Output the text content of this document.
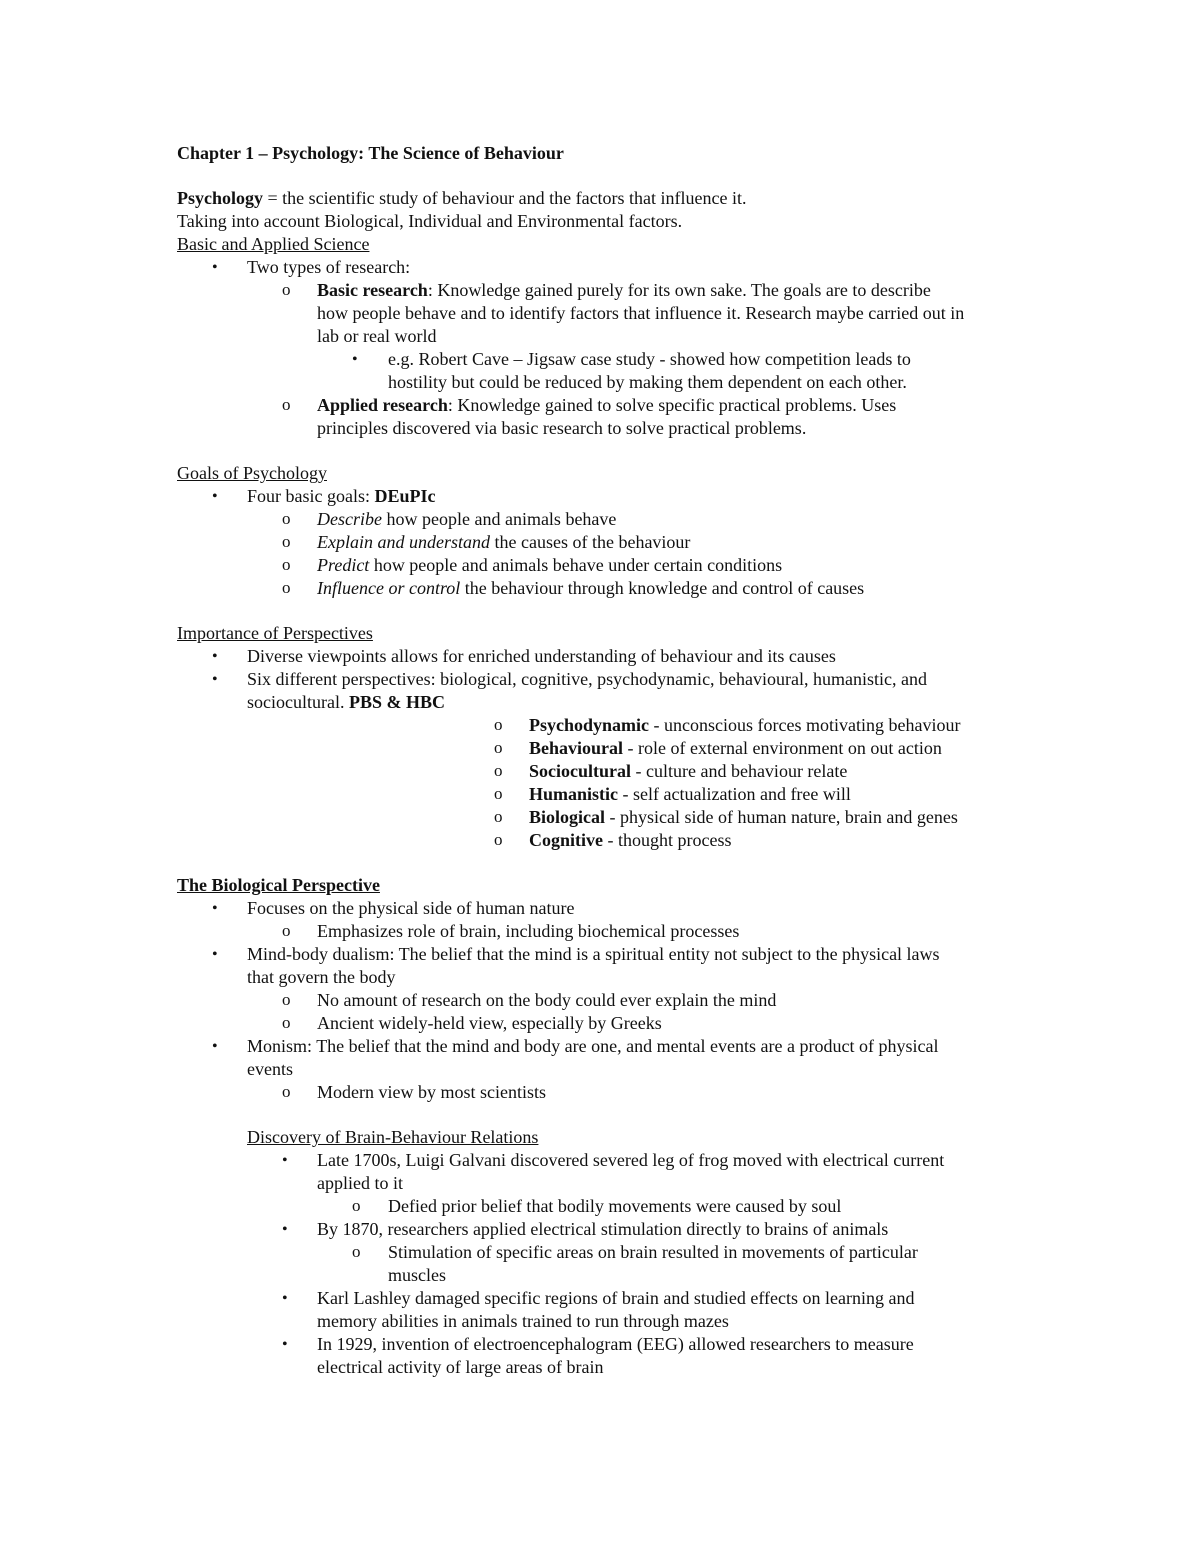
Chapter 1 – Psychology: The Science of Behaviour
Psychology = the scientific study of behaviour and the factors that influence it.
Taking into account Biological, Individual and Environmental factors.
Basic and Applied Science
• Two types of research:
o Basic research: Knowledge gained purely for its own sake. The goals are to describe
how people behave and to identify factors that influence it. Research maybe carried out in
lab or real world
• e.g. Robert Cave – Jigsaw case study - showed how competition leads to
hostility but could be reduced by making them dependent on each other.
o Applied research: Knowledge gained to solve specific practical problems. Uses
principles discovered via basic research to solve practical problems.
Goals of Psychology
• Four basic goals: DEuPIc
o Describe how people and animals behave
o Explain and understand the causes of the behaviour
o Predict how people and animals behave under certain conditions
o Influence or control the behaviour through knowledge and control of causes
Importance of Perspectives
• Diverse viewpoints allows for enriched understanding of behaviour and its causes
• Six different perspectives: biological, cognitive, psychodynamic, behavioural, humanistic, and
sociocultural. PBS & HBC
o Psychodynamic - unconscious forces motivating behaviour
o Behavioural - role of external environment on out action
o Sociocultural - culture and behaviour relate
o Humanistic - self actualization and free will
o Biological - physical side of human nature, brain and genes
o Cognitive - thought process
The Biological Perspective
• Focuses on the physical side of human nature
o Emphasizes role of brain, including biochemical processes
• Mind-body dualism: The belief that the mind is a spiritual entity not subject to the physical laws
that govern the body
o No amount of research on the body could ever explain the mind
o Ancient widely-held view, especially by Greeks
• Monism: The belief that the mind and body are one, and mental events are a product of physical
events
o Modern view by most scientists
Discovery of Brain-Behaviour Relations
• Late 1700s, Luigi Galvani discovered severed leg of frog moved with electrical current
applied to it
o Defied prior belief that bodily movements were caused by soul
• By 1870, researchers applied electrical stimulation directly to brains of animals
o Stimulation of specific areas on brain resulted in movements of particular
muscles
• Karl Lashley damaged specific regions of brain and studied effects on learning and
memory abilities in animals trained to run through mazes
• In 1929, invention of electroencephalogram (EEG) allowed researchers to measure
electrical activity of large areas of brain
